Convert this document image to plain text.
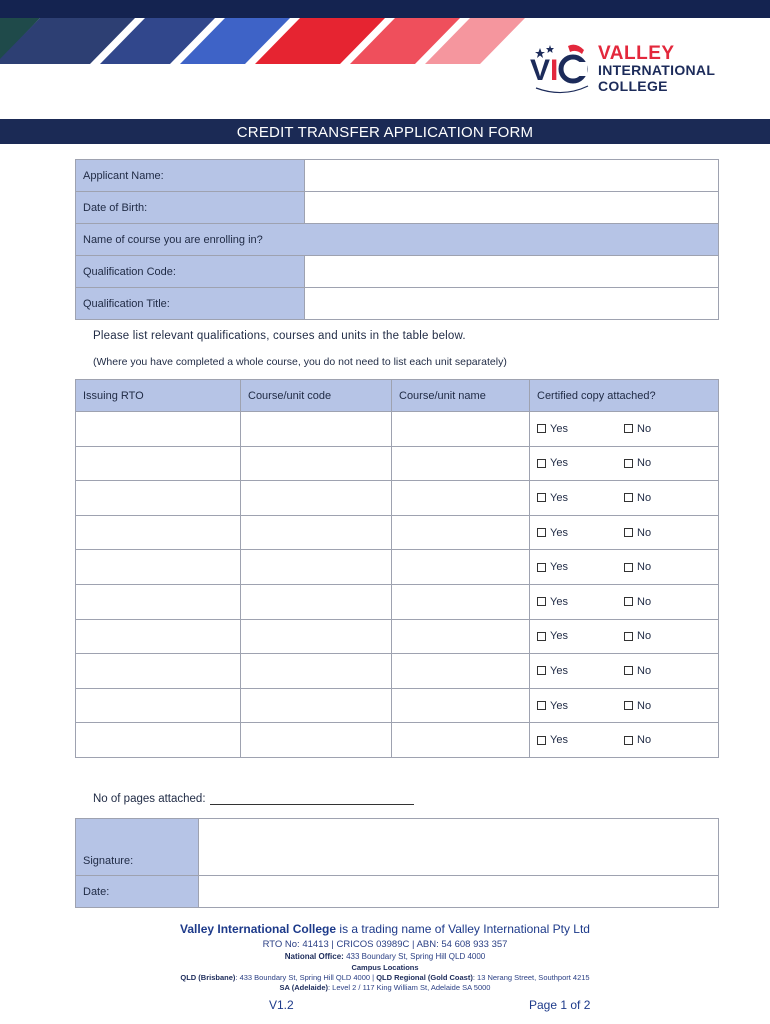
V I
VALLEY
INTERNATIONAL
COLLEGE
CREDIT TRANSFER APPLICATION FORM
Applicant Name:	
Date of Birth:	
Name of course you are enrolling in?	
Qualification Code:	
Qualification Title:	
Please list relevant qualifications, courses and units in the table below.
(Where you have completed a whole course, you do not need to list each unit separately)
Issuing RTO	Course/unit code	Course/unit name	Certified copy attached?

			Yes No

			Yes No

			Yes No

			Yes No

			Yes No

			Yes No

			Yes No

			Yes No

			Yes No

			Yes No
No of pages attached:
Signature:	
Date:	
Valley International College is a trading name of Valley International Pty Ltd
RTO No: 41413 | CRICOS 03989C | ABN: 54 608 933 357
National Office: 433 Boundary St, Spring Hill QLD 4000
Campus Locations
QLD (Brisbane): 433 Boundary St, Spring Hill QLD 4000 | QLD Regional (Gold Coast): 13 Nerang Street, Southport 4215
SA (Adelaide): Level 2 / 117 King William St, Adelaide SA 5000
V1.2	Page 1 of 2
